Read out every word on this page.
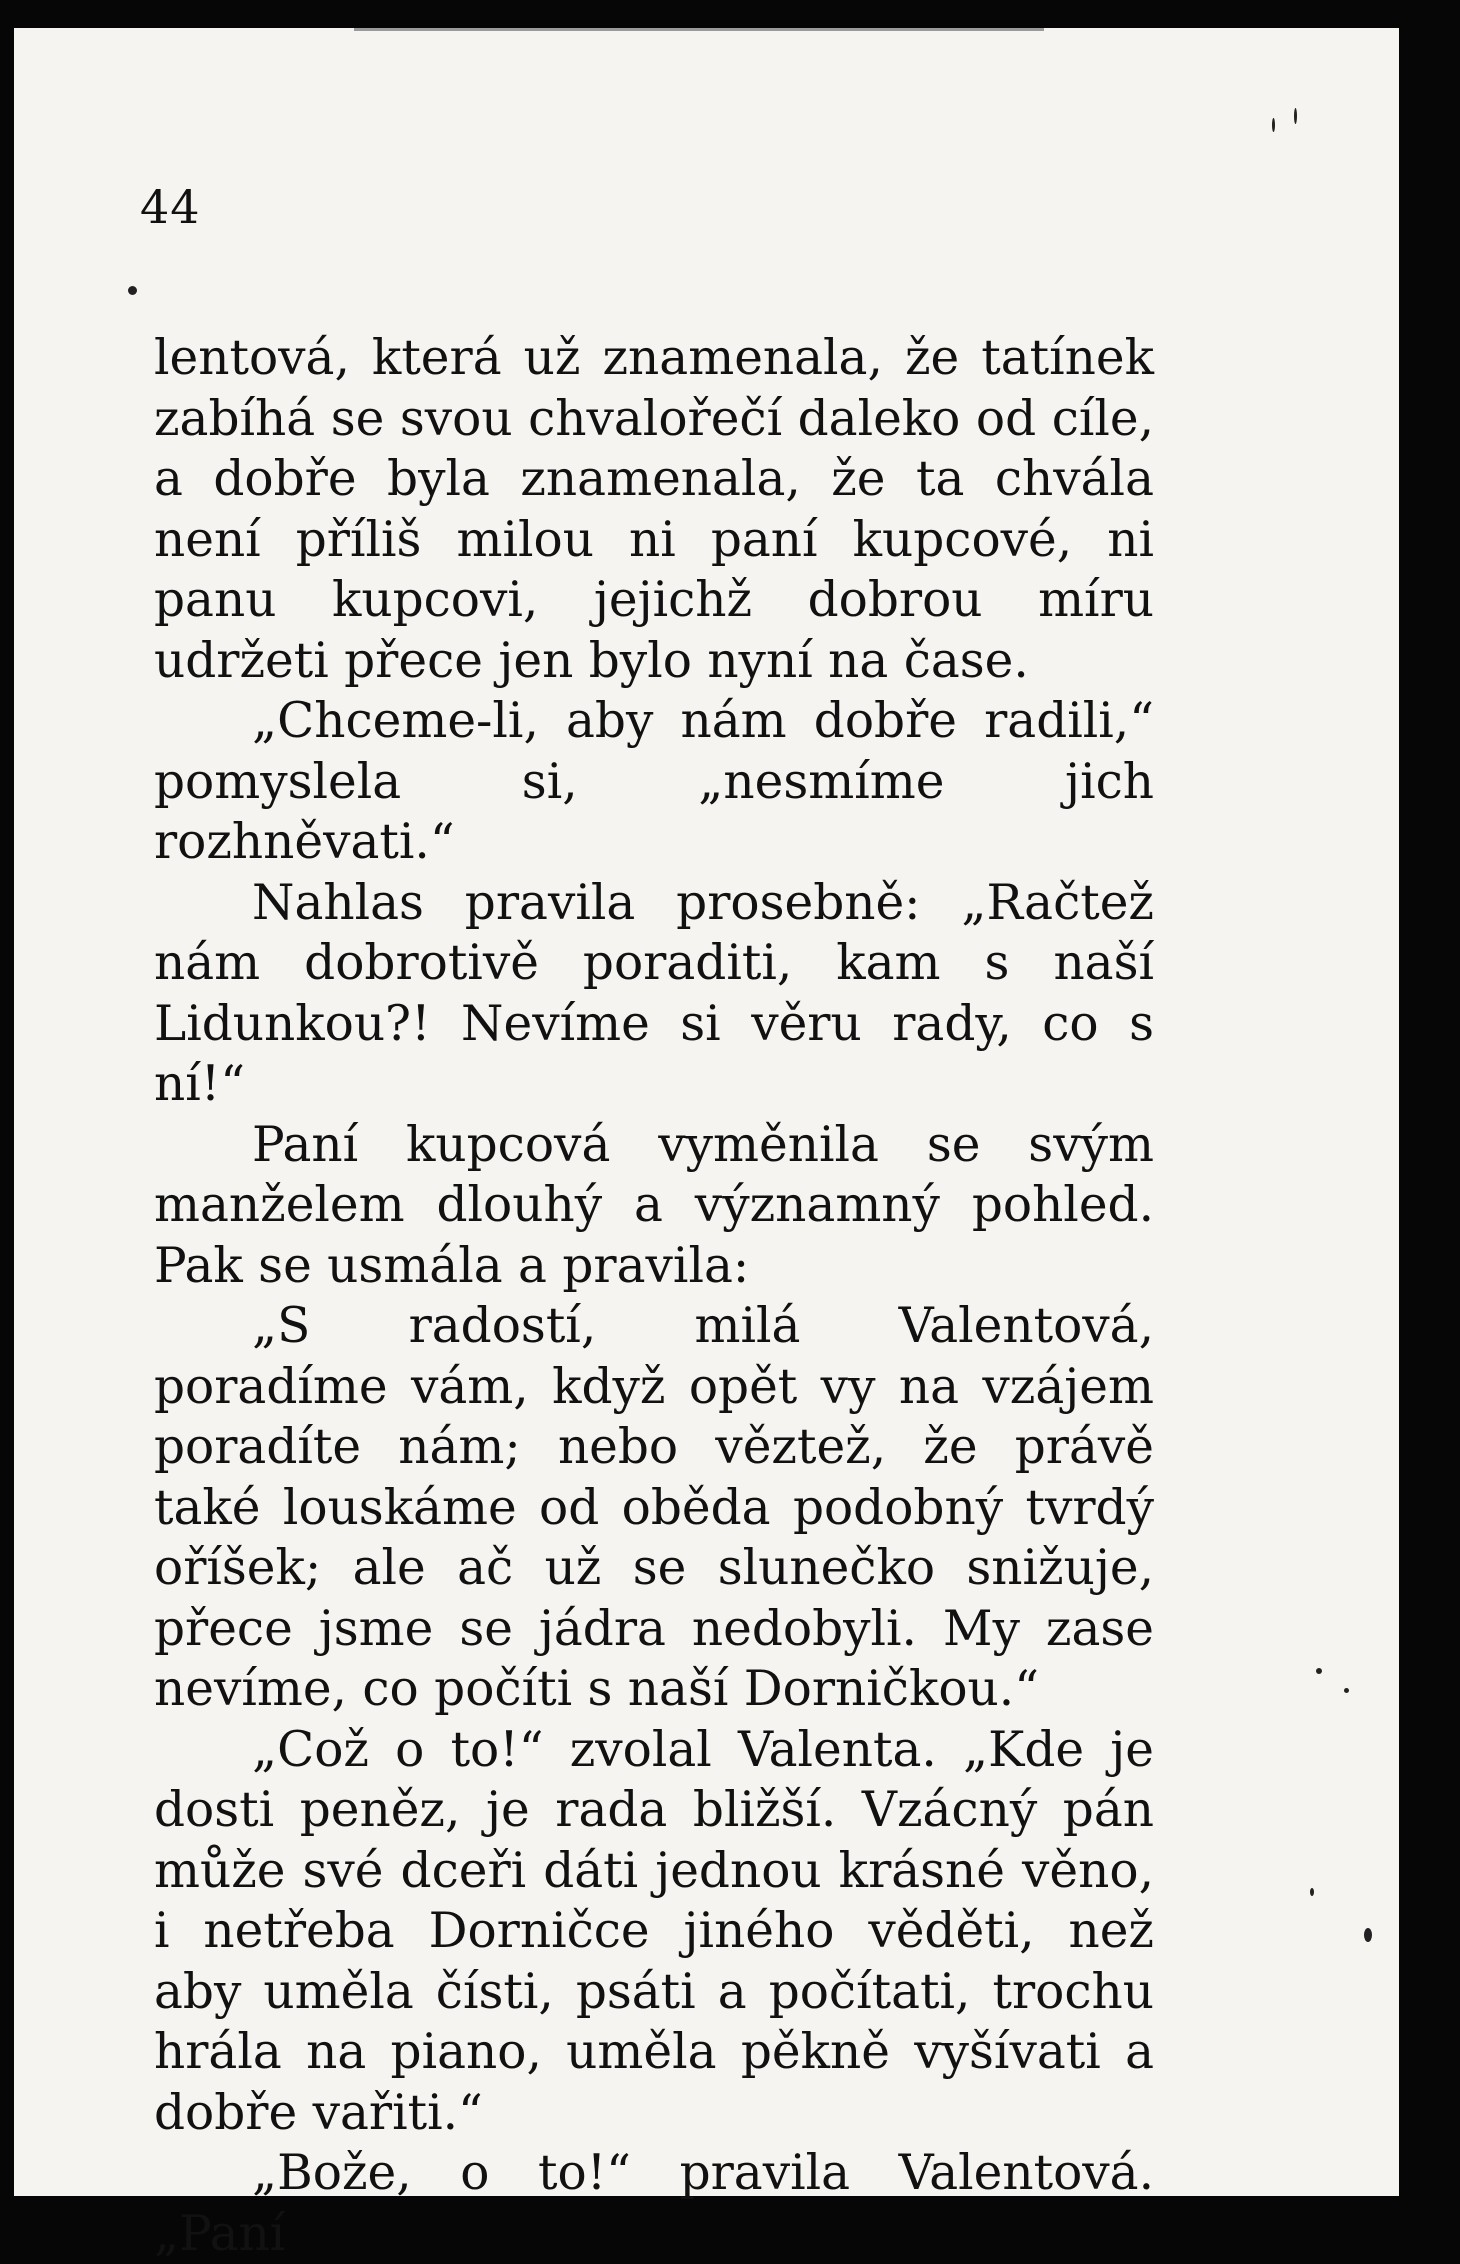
44

lentová, která už znamenala, že tatínek zabíhá se svou chvalořečí daleko od cíle, a dobře byla znamenala, že ta chvála není příliš milou ni paní kupcové, ni panu kupcovi, jejichž dobrou míru udržeti přece jen bylo nyní na čase.

„Chceme-li, aby nám dobře radili,“ pomyslela si, „nesmíme jich rozhněvati.“

Nahlas pravila prosebně: „Račtež nám dobrotivě poraditi, kam s naší Lidunkou?! Nevíme si věru rady, co s ní!“

Paní kupcová vyměnila se svým manželem dlouhý a významný pohled. Pak se usmála a pravila:

„S radostí, milá Valentová, poradíme vám, když opět vy na vzájem poradíte nám; nebo věztež, že právě také louskáme od oběda podobný tvrdý oříšek; ale ač už se slunečko snižuje, přece jsme se jádra nedobyli. My zase nevíme, co počíti s naší Dorničkou.“

„Což o to!“ zvolal Valenta. „Kde je dosti peněz, je rada bližší. Vzácný pán může své dceři dáti jednou krásné věno, i netřeba Dorničce jiného věděti, než aby uměla čísti, psáti a počítati, trochu hrála na piano, uměla pěkně vyšívati a dobře vařiti.“

„Bože, o to!“ pravila Valentová. „Paní
